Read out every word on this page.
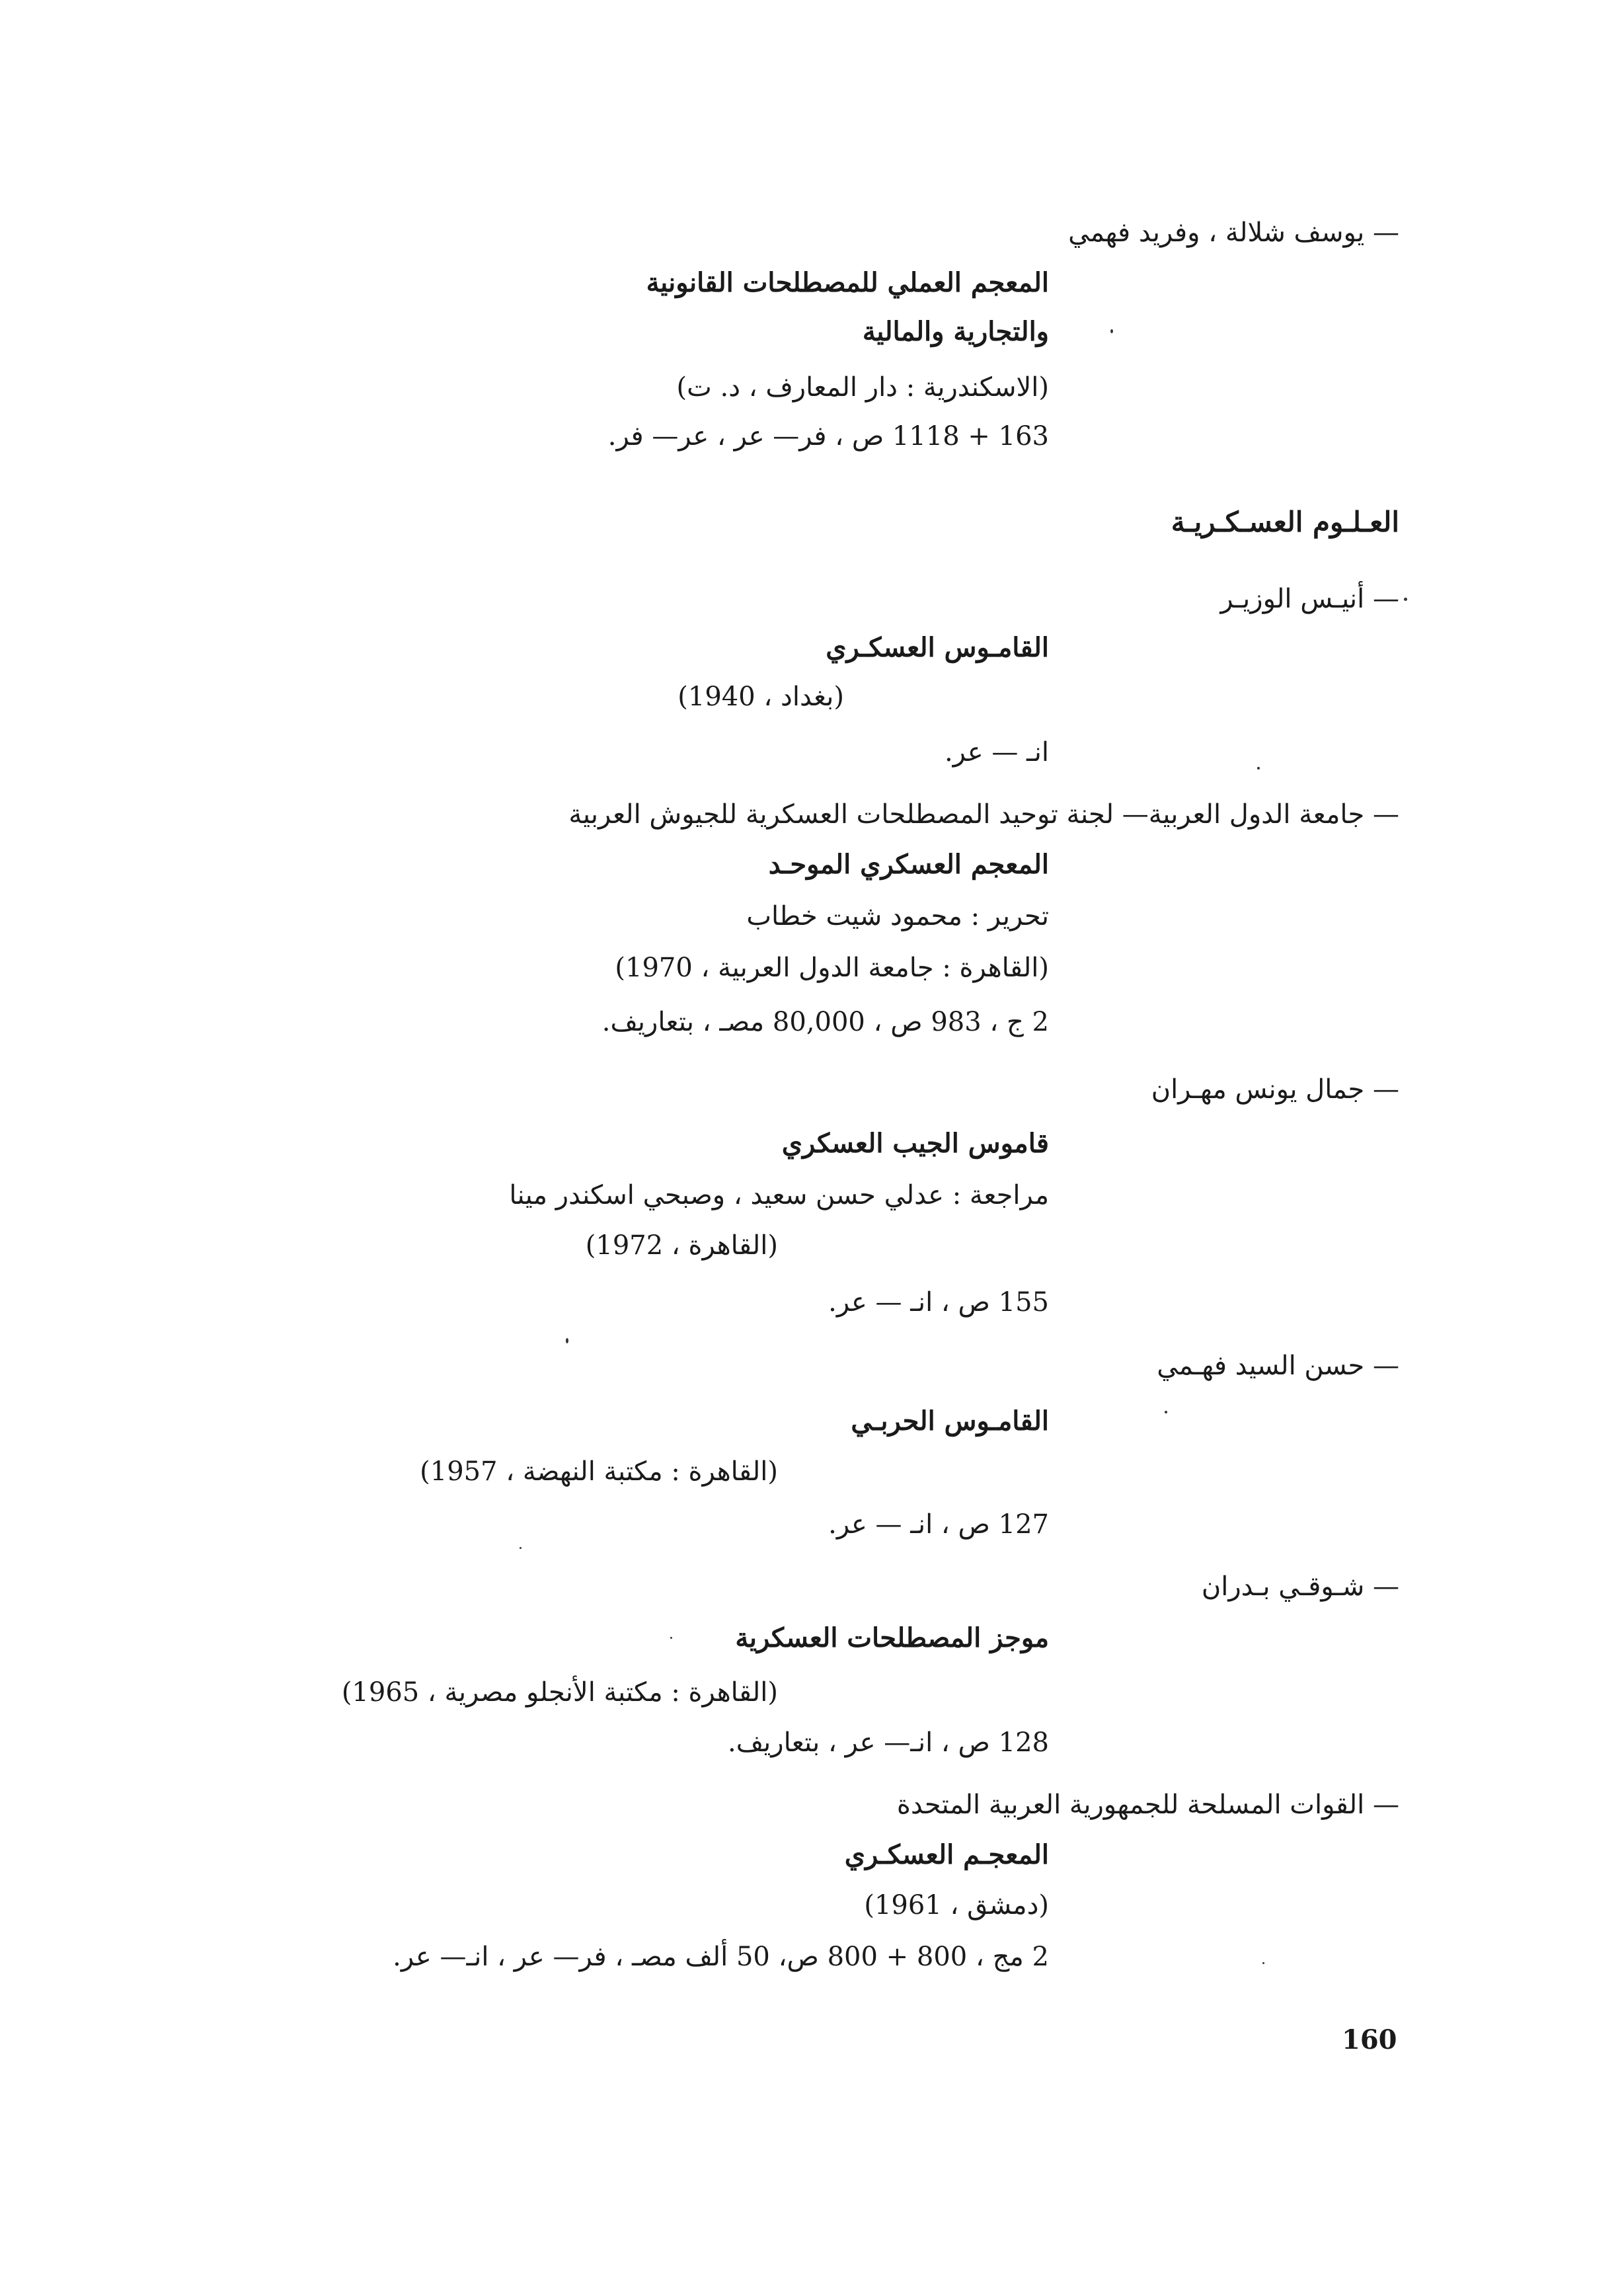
— يوسف شلالة ، وفريد فهمي
المعجم العملي للمصطلحات القانونية
والتجارية والمالية
(الاسكندرية : دار المعارف ، د. ت)
163 + 1118 ص ، فر— عر ، عر— فر.
العـلـوم العسـكـريـة
— أنيـس الوزيـر
القامـوس العسكـري
(بغداد ، 1940)
انـ — عر.
— جامعة الدول العربية— لجنة توحيد المصطلحات العسكرية للجيوش العربية
المعجم العسكري الموحـد
تحرير : محمود شيت خطاب
(القاهرة : جامعة الدول العربية ، 1970)
2 ج ، 983 ص ، 80,000 مصـ ، بتعاريف.
— جمال يونس مهـران
قاموس الجيب العسكري
مراجعة : عدلي حسن سعيد ، وصبحي اسكندر مينا
(القاهرة ، 1972)
155 ص ، انـ — عر.
— حسن السيد فهـمي
القامـوس الحربـي
(القاهرة : مكتبة النهضة ، 1957)
127 ص ، انـ — عر.
— شـوقـي بـدران
موجز المصطلحات العسكرية
(القاهرة : مكتبة الأنجلو مصرية ، 1965)
128 ص ، انـ— عر ، بتعاريف.
— القوات المسلحة للجمهورية العربية المتحدة
المعجـم العسكـري
(دمشق ، 1961)
2 مج ، 800 + 800 ص، 50 ألف مصـ ، فر— عر ، انـ— عر.
160
